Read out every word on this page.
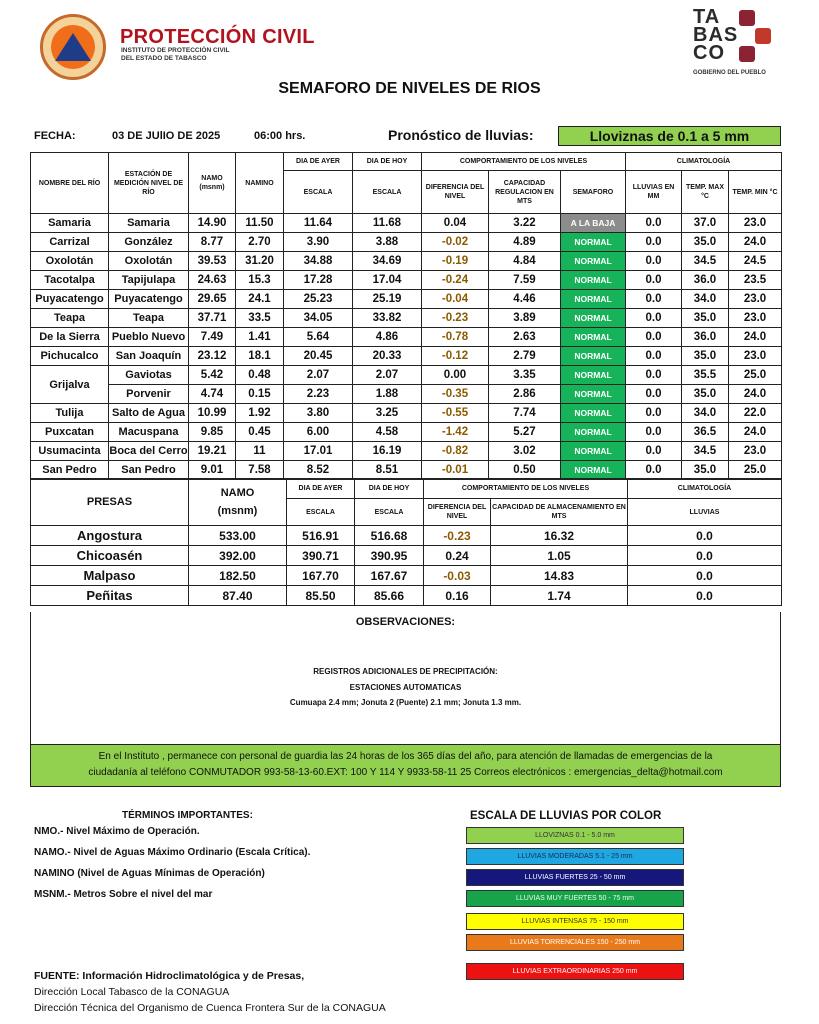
PROTECCIÓN CIVIL
INSTITUTO DE PROTECCIÓN CIVIL
DEL ESTADO DE TABASCO
TA
BAS
CO
GOBIERNO DEL PUEBLO
SEMAFORO DE NIVELES DE RIOS
FECHA:	03 DE JUlIO DE 2025	06:00 hrs.	Pronóstico de lluvias:	Lloviznas de 0.1 a 5 mm
NOMBRE DEL RÍO	ESTACIÓN DE MEDICIÓN NIVEL DE RÍO	NAMO (msnm)	NAMINO	DIA DE AYER	DIA DE HOY	COMPORTAMIENTO DE LOS NIVELES			CLIMATOLOGÍA		
				ESCALA	ESCALA	DIFERENCIA DEL NIVEL	CAPACIDAD REGULACION EN MTS	SEMAFORO	LLUVIAS EN MM	TEMP. MAX °C	TEMP. MIN °C
Samaria	Samaria	14.90	11.50	11.64	11.68	0.04	3.22	A LA BAJA	0.0	37.0	23.0
Carrizal	González	8.77	2.70	3.90	3.88	-0.02	4.89	NORMAL	0.0	35.0	24.0
Oxolotán	Oxolotán	39.53	31.20	34.88	34.69	-0.19	4.84	NORMAL	0.0	34.5	24.5
Tacotalpa	Tapijulapa	24.63	15.3	17.28	17.04	-0.24	7.59	NORMAL	0.0	36.0	23.5
Puyacatengo	Puyacatengo	29.65	24.1	25.23	25.19	-0.04	4.46	NORMAL	0.0	34.0	23.0
Teapa	Teapa	37.71	33.5	34.05	33.82	-0.23	3.89	NORMAL	0.0	35.0	23.0
De la Sierra	Pueblo Nuevo	7.49	1.41	5.64	4.86	-0.78	2.63	NORMAL	0.0	36.0	24.0
Pichucalco	San Joaquín	23.12	18.1	20.45	20.33	-0.12	2.79	NORMAL	0.0	35.0	23.0
Grijalva	Gaviotas	5.42	0.48	2.07	2.07	0.00	3.35	NORMAL	0.0	35.5	25.0
	Porvenir	4.74	0.15	2.23	1.88	-0.35	2.86	NORMAL	0.0	35.0	24.0
Tulija	Salto de Agua	10.99	1.92	3.80	3.25	-0.55	7.74	NORMAL	0.0	34.0	22.0
Puxcatan	Macuspana	9.85	0.45	6.00	4.58	-1.42	5.27	NORMAL	0.0	36.5	24.0
Usumacinta	Boca del Cerro	19.21	11	17.01	16.19	-0.82	3.02	NORMAL	0.0	34.5	23.0
San Pedro	San Pedro	9.01	7.58	8.52	8.51	-0.01	0.50	NORMAL	0.0	35.0	25.0
PRESAS	NAMO
(msnm)	DIA DE AYER	DIA DE HOY	COMPORTAMIENTO DE LOS NIVELES		CLIMATOLOGÍA
		ESCALA	ESCALA	DIFERENCIA DEL NIVEL	CAPACIDAD DE ALMACENAMIENTO EN MTS	LLUVIAS
Angostura	533.00	516.91	516.68	-0.23	16.32	0.0
Chicoasén	392.00	390.71	390.95	0.24	1.05	0.0
Malpaso	182.50	167.70	167.67	-0.03	14.83	0.0
Peñitas	87.40	85.50	85.66	0.16	1.74	0.0
OBSERVACIONES:
REGISTROS ADICIONALES DE PRECIPITACIÓN:
ESTACIONES AUTOMATICAS
Cumuapa 2.4 mm; Jonuta 2 (Puente) 2.1 mm; Jonuta 1.3 mm.
En el Instituto , permanece con personal de guardia las 24 horas de los 365 días del año, para atención de llamadas de emergencias de la
ciudadanía al teléfono CONMUTADOR 993-58-13-60.EXT: 100 Y 114 Y 9933-58-11 25 Correos electrónicos : emergencias_delta@hotmail.com
TÉRMINOS IMPORTANTES:
NMO.- Nivel Máximo de Operación.
NAMO.- Nivel de Aguas Máximo Ordinario (Escala Crítica).
NAMINO (Nivel de Aguas Mínimas de Operación)
MSNM.- Metros Sobre el nivel del mar
ESCALA DE LLUVIAS POR COLOR
LLOVIZNAS 0.1 - 5.0 mm
LLUVIAS MODERADAS 5.1 - 25 mm
LLUVIAS FUERTES 25 - 50 mm
LLUVIAS MUY FUERTES 50 - 75 mm
LLUVIAS INTENSAS 75 - 150 mm
LLUVIAS TORRENCIALES 150 - 250 mm
LLUVIAS EXTRAORDINARIAS 250 mm
FUENTE: Información Hidroclimatológica y de Presas,
Dirección Local Tabasco de la CONAGUA
Dirección Técnica del Organismo de Cuenca Frontera Sur de la CONAGUA
